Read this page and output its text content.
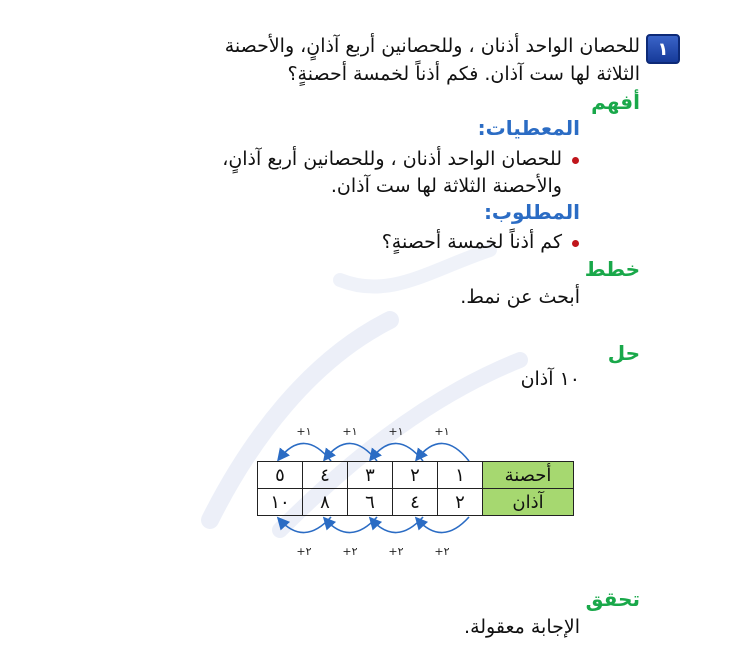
١
للحصان الواحد أذنان ، وللحصانين أربع آذانٍ، والأحصنة
الثلاثة لها ست آذان. فكم أذناً لخمسة أحصنةٍ؟
أفهم
المعطيات:
للحصان الواحد أذنان ، وللحصانين أربع آذانٍ،
والأحصنة الثلاثة لها ست آذان.
المطلوب:
كم أذناً لخمسة أحصنةٍ؟
خطط
أبحث عن نمط.
حل
١٠ آذان
+١
+٢
+١
+٢
+١
+٢
+١
+٢
أحصنة	١	٢	٣	٤	٥
آذان	٢	٤	٦	٨	١٠
تحقق
الإجابة معقولة.
